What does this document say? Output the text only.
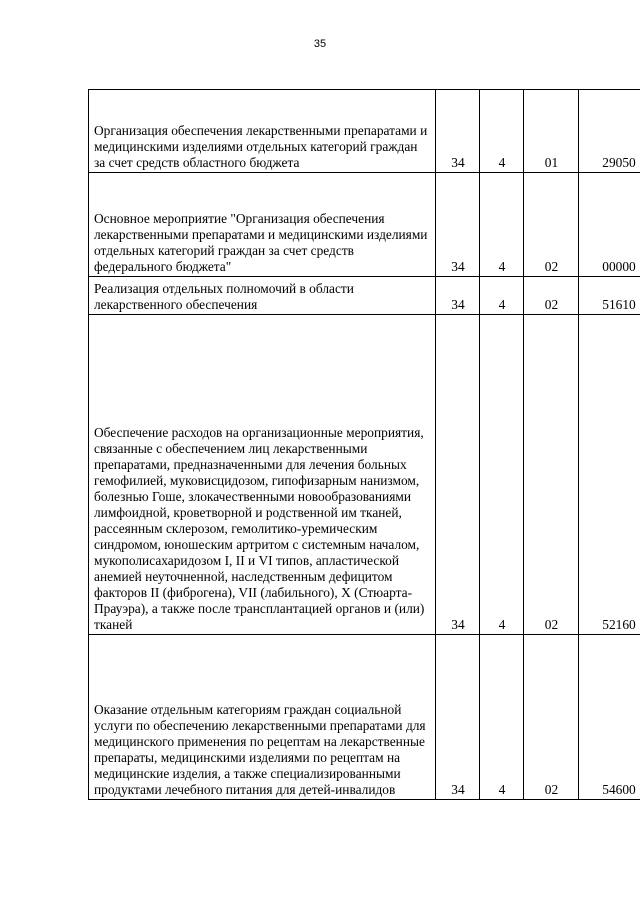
35
Организация обеспечения лекарственными препаратами и медицинскими изделиями отдельных категорий граждан за счет средств областного бюджета	34	4	01	29050
Основное мероприятие "Организация обеспечения лекарственными препаратами и медицинскими изделиями отдельных категорий граждан за счет средств федерального бюджета"	34	4	02	00000
Реализация отдельных полномочий в области лекарственного обеспечения	34	4	02	51610
Обеспечение расходов на организационные мероприятия, связанные с обеспечением лиц лекарственными препаратами, предназначенными для лечения больных гемофилией, муковисцидозом, гипофизарным нанизмом, болезнью Гоше, злокачественными новообразованиями лимфоидной, кроветворной и родственной им тканей, рассеянным склерозом, гемолитико-уремическим синдромом, юношеским артритом с системным началом, мукополисахаридозом I, II и VI типов, апластической анемией неуточненной, наследственным дефицитом факторов II (фиброгена), VII (лабильного), X (Стюарта-Прауэра), а также после трансплантацией органов и (или) тканей	34	4	02	52160
Оказание отдельным категориям граждан социальной услуги по обеспечению лекарственными препаратами для медицинского применения по рецептам на лекарственные препараты, медицинскими изделиями по рецептам на медицинские изделия, а также специализированными продуктами лечебного питания для детей-инвалидов	34	4	02	54600
